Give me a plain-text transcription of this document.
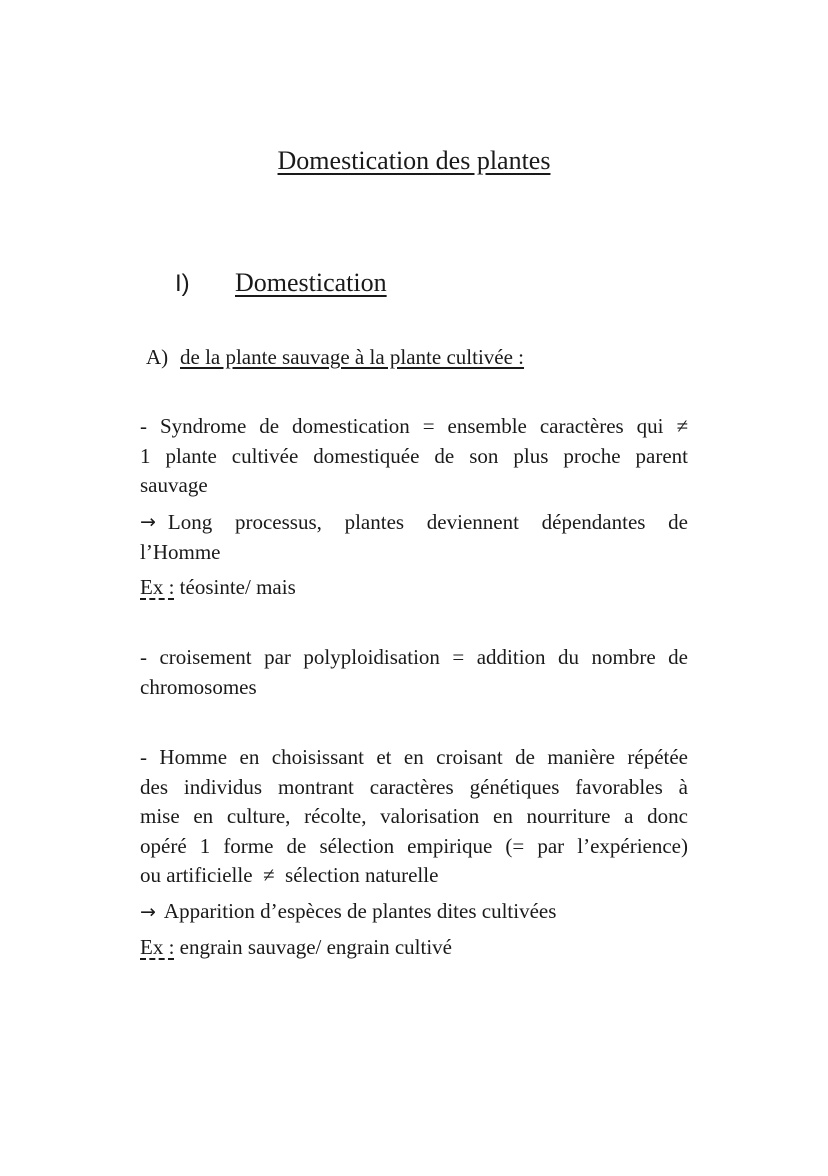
Domestication des plantes
I) Domestication
A) de la plante sauvage à la plante cultivée :
- Syndrome de domestication = ensemble caractères qui ≠
1 plante cultivée domestiquée de son plus proche parent
sauvage
→ Long processus, plantes deviennent dépendantes de
l’Homme
Ex : téosinte/ mais
- croisement par polyploidisation = addition du nombre de
chromosomes
- Homme en choisissant et en croisant de manière répétée
des individus montrant caractères génétiques favorables à
mise en culture, récolte, valorisation en nourriture a donc
opéré 1 forme de sélection empirique (= par l’expérience)
ou artificielle  ≠  sélection naturelle
→ Apparition d’espèces de plantes dites cultivées
Ex : engrain sauvage/ engrain cultivé
